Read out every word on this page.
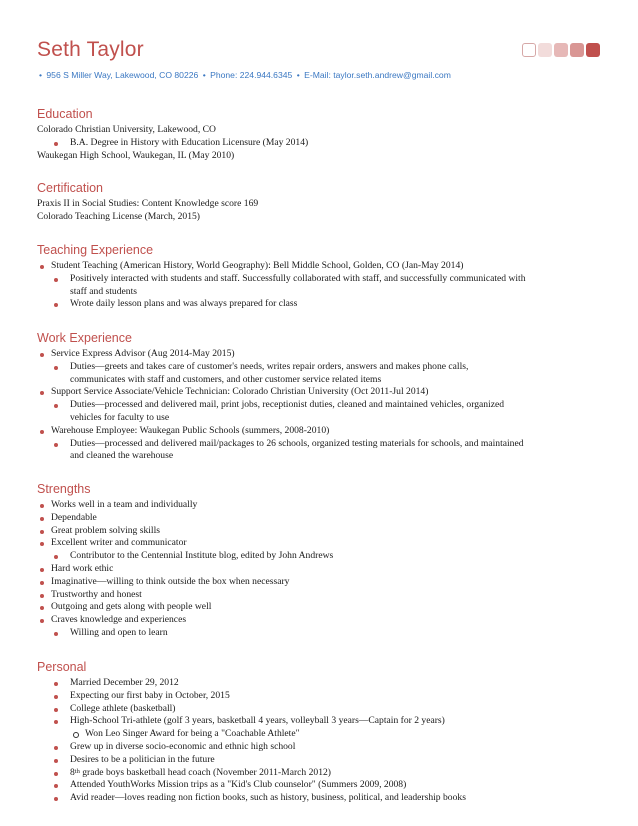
Seth Taylor
• 956 S Miller Way, Lakewood, CO 80226 • Phone: 224.944.6345 • E-Mail: taylor.seth.andrew@gmail.com
Education
Colorado Christian University, Lakewood, CO
B.A. Degree in History with Education Licensure (May 2014)
Waukegan High School, Waukegan, IL (May 2010)
Certification
Praxis II in Social Studies: Content Knowledge score 169
Colorado Teaching License (March, 2015)
Teaching Experience
Student Teaching (American History, World Geography): Bell Middle School, Golden, CO (Jan-May 2014)
Positively interacted with students and staff. Successfully collaborated with staff, and successfully communicated with
staff and students
Wrote daily lesson plans and was always prepared for class
Work Experience
Service Express Advisor (Aug 2014-May 2015)
Duties—greets and takes care of customer's needs, writes repair orders, answers and makes phone calls,
communicates with staff and customers, and other customer service related items
Support Service Associate/Vehicle Technician: Colorado Christian University (Oct 2011-Jul 2014)
Duties—processed and delivered mail, print jobs, receptionist duties, cleaned and maintained vehicles, organized
vehicles for faculty to use
Warehouse Employee: Waukegan Public Schools (summers, 2008-2010)
Duties—processed and delivered mail/packages to 26 schools, organized testing materials for schools, and maintained
and cleaned the warehouse
Strengths
Works well in a team and individually
Dependable
Great problem solving skills
Excellent writer and communicator
Contributor to the Centennial Institute blog, edited by John Andrews
Hard work ethic
Imaginative—willing to think outside the box when necessary
Trustworthy and honest
Outgoing and gets along with people well
Craves knowledge and experiences
Willing and open to learn
Personal
Married December 29, 2012
Expecting our first baby in October, 2015
College athlete (basketball)
High-School Tri-athlete (golf 3 years, basketball 4 years, volleyball 3 years—Captain for 2 years)
Won Leo Singer Award for being a "Coachable Athlete"
Grew up in diverse socio-economic and ethnic high school
Desires to be a politician in the future
8th grade boys basketball head coach (November 2011-March 2012)
Attended YouthWorks Mission trips as a "Kid's Club counselor" (Summers 2009, 2008)
Avid reader—loves reading non fiction books, such as history, business, political, and leadership books
